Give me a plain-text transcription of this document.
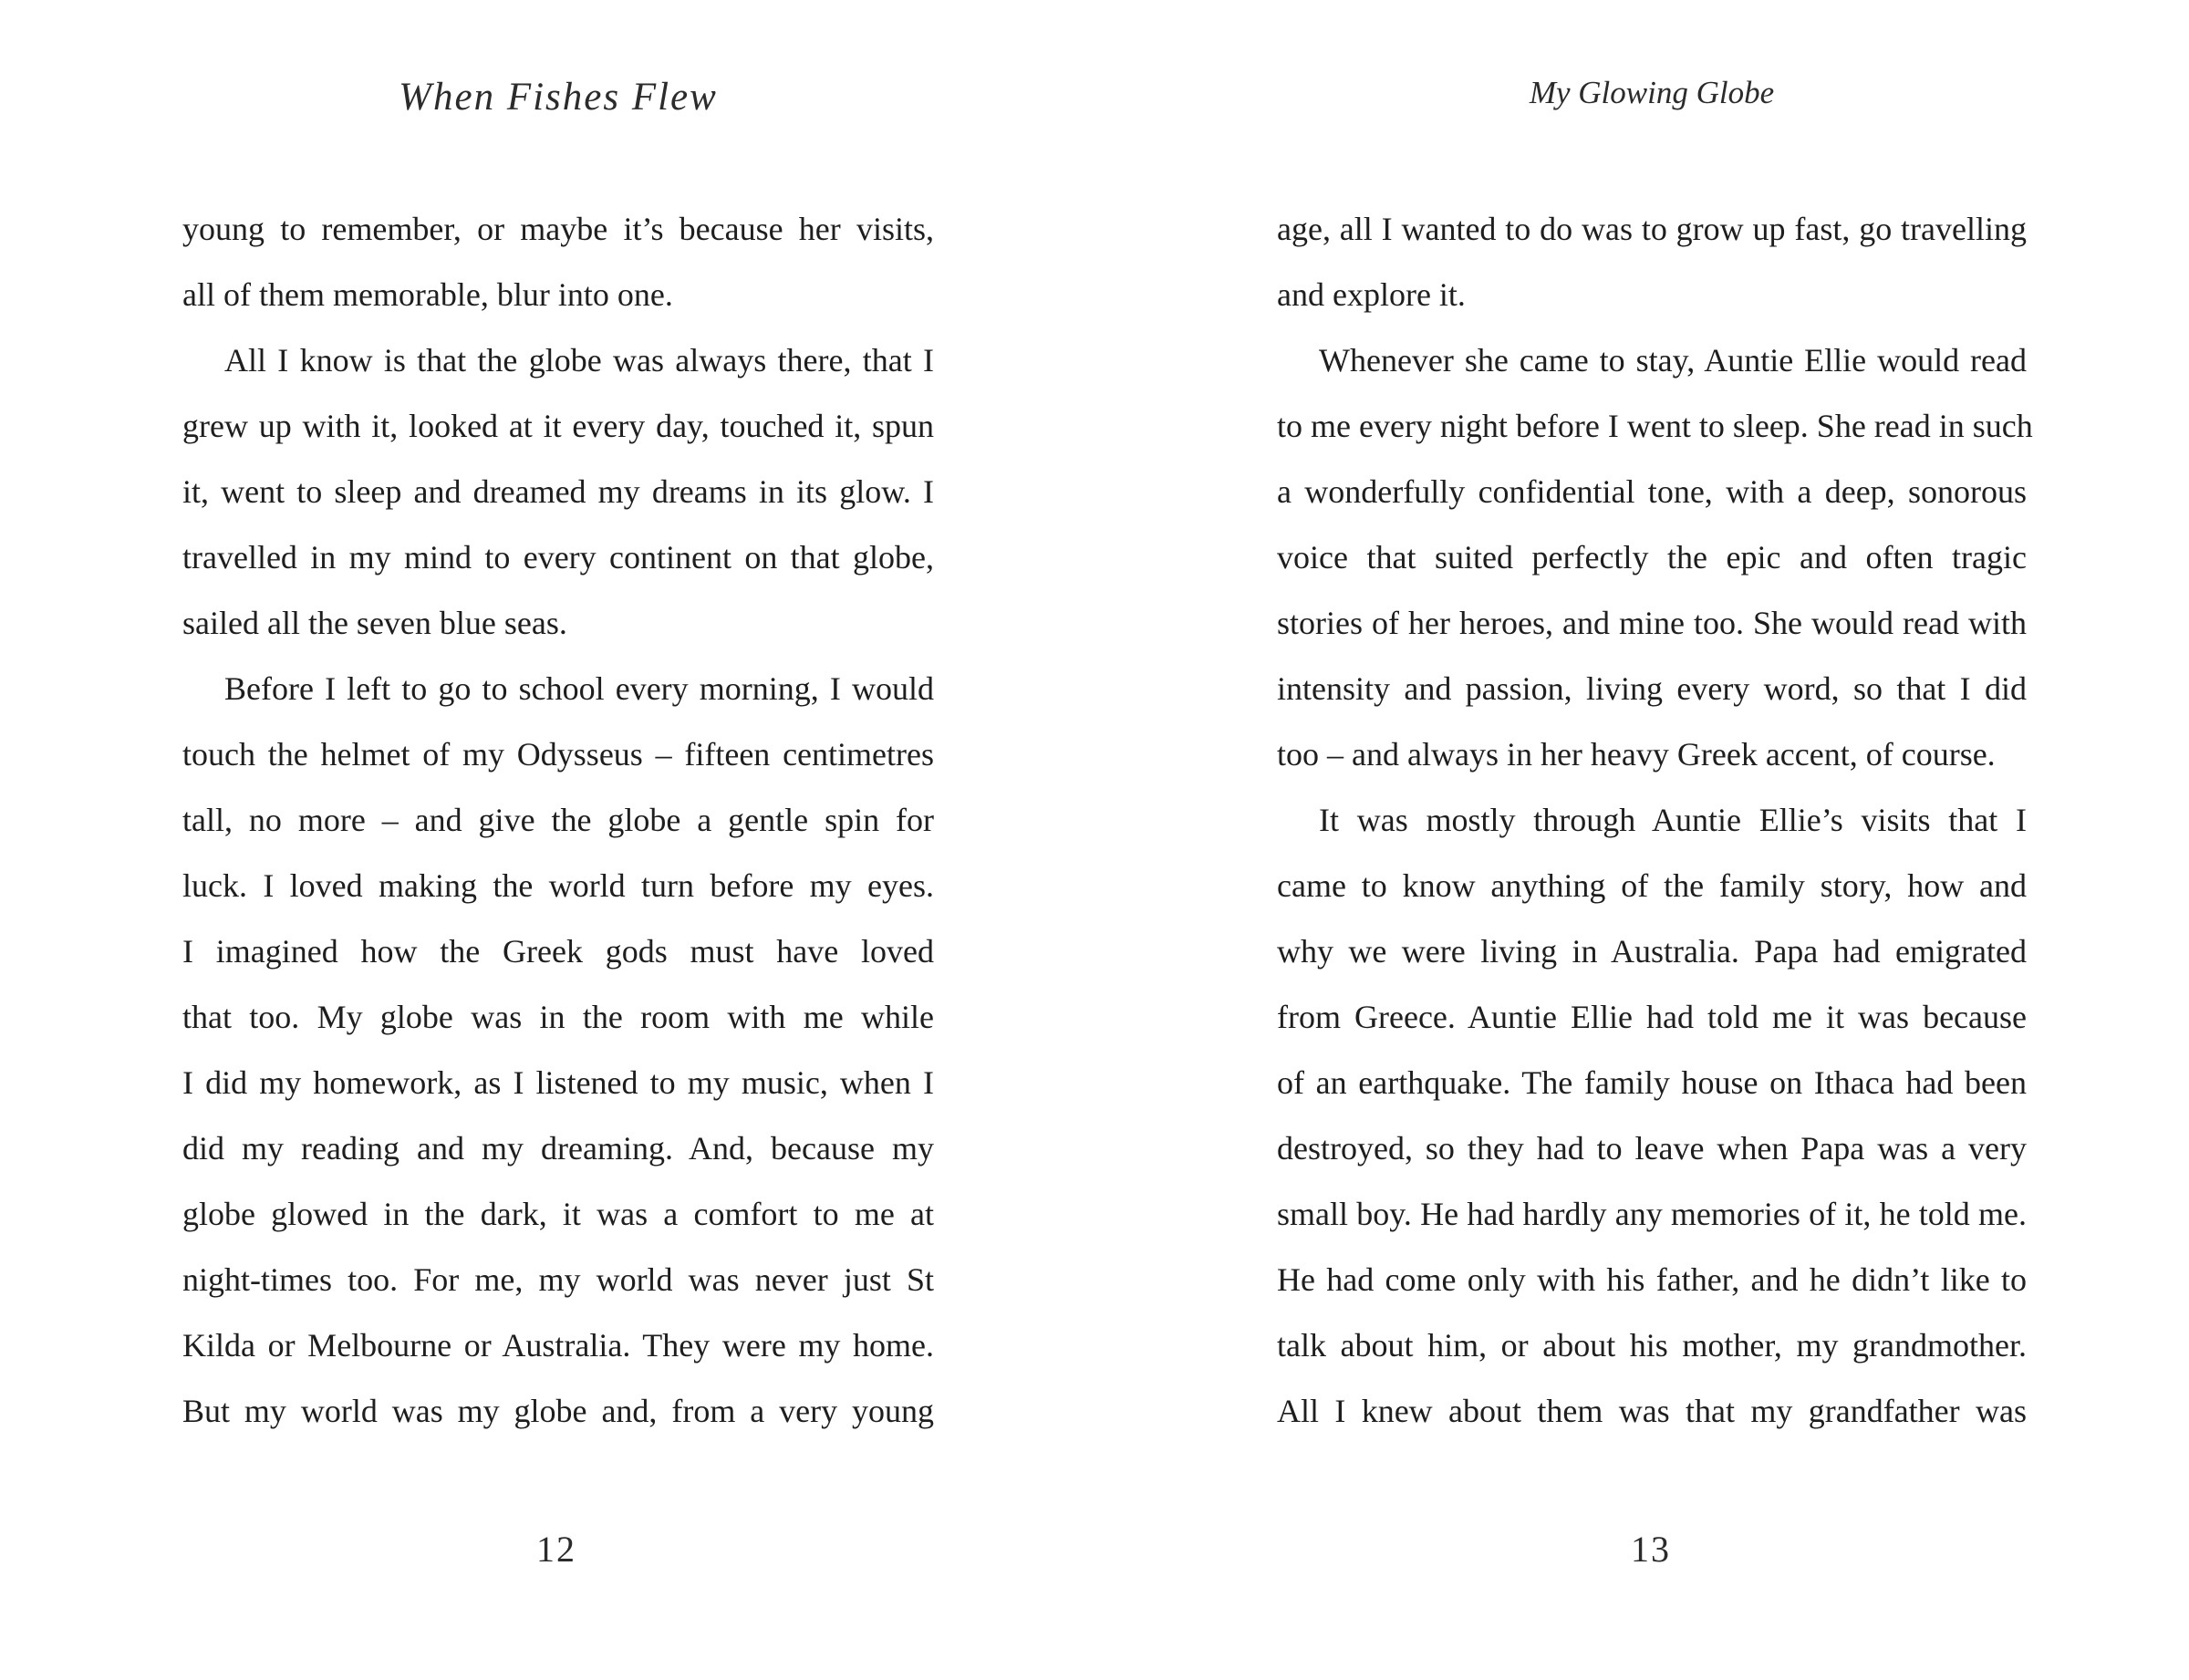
When Fishes Flew
young to remember, or maybe it’s because her visits,
all of them memorable, blur into one.
All I know is that the globe was always there, that I
grew up with it, looked at it every day, touched it, spun
it, went to sleep and dreamed my dreams in its glow. I
travelled in my mind to every continent on that globe,
sailed all the seven blue seas.
Before I left to go to school every morning, I would
touch the helmet of my Odysseus – fifteen centimetres
tall, no more – and give the globe a gentle spin for
luck. I loved making the world turn before my eyes.
I imagined how the Greek gods must have loved
that too. My globe was in the room with me while
I did my homework, as I listened to my music, when I
did my reading and my dreaming. And, because my
globe glowed in the dark, it was a comfort to me at
night-times too. For me, my world was never just St
Kilda or Melbourne or Australia. They were my home.
But my world was my globe and, from a very young
12
My Glowing Globe
age, all I wanted to do was to grow up fast, go travelling
and explore it.
Whenever she came to stay, Auntie Ellie would read
to me every night before I went to sleep. She read in such
a wonderfully confidential tone, with a deep, sonorous
voice that suited perfectly the epic and often tragic
stories of her heroes, and mine too. She would read with
intensity and passion, living every word, so that I did
too – and always in her heavy Greek accent, of course.
It was mostly through Auntie Ellie’s visits that I
came to know anything of the family story, how and
why we were living in Australia. Papa had emigrated
from Greece. Auntie Ellie had told me it was because
of an earthquake. The family house on Ithaca had been
destroyed, so they had to leave when Papa was a very
small boy. He had hardly any memories of it, he told me.
He had come only with his father, and he didn’t like to
talk about him, or about his mother, my grandmother.
All I knew about them was that my grandfather was
13
